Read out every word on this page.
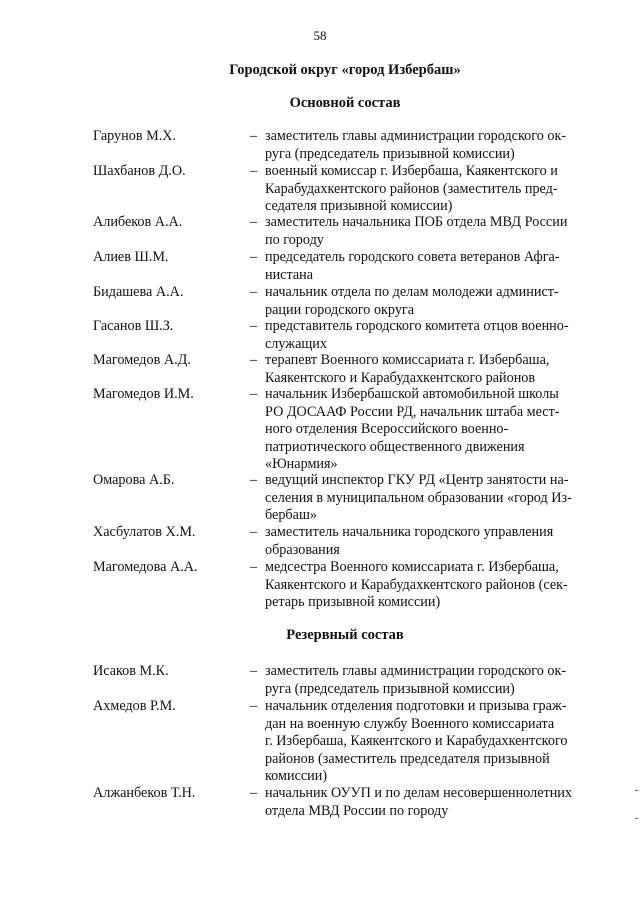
58
Городской округ «город Избербаш»
Основной состав
Гарунов М.Х.	– заместитель главы администрации городского ок-
руга (председатель призывной комиссии)
Шахбанов Д.О.	– военный комиссар г. Избербаша, Каякентского и
Карабудахкентского районов (заместитель пред-
седателя призывной комиссии)
Алибеков А.А.	– заместитель начальника ПОБ отдела МВД России
по городу
Алиев Ш.М.	– председатель городского совета ветеранов Афга-
нистана
Бидашева А.А.	– начальник отдела по делам молодежи админист-
рации городского округа
Гасанов Ш.З.	– представитель городского комитета отцов военно-
служащих
Магомедов А.Д.	– терапевт Военного комиссариата г. Избербаша,
Каякентского и Карабудахкентского районов
Магомедов И.М.	– начальник Избербашской автомобильной школы
РО ДОСААФ России РД, начальник штаба мест-
ного отделения Всероссийского военно-
патриотического общественного движения
«Юнармия»
Омарова А.Б.	– ведущий инспектор ГКУ РД «Центр занятости на-
селения в муниципальном образовании «город Из-
бербаш»
Хасбулатов Х.М.	– заместитель начальника городского управления
образования
Магомедова А.А.	– медсестра Военного комиссариата г. Избербаша,
Каякентского и Карабудахкентского районов (сек-
ретарь призывной комиссии)
Резервный состав
Исаков М.К.	– заместитель главы администрации городского ок-
руга (председатель призывной комиссии)
Ахмедов Р.М.	– начальник отделения подготовки и призыва граж-
дан на военную службу Военного комиссариата
г. Избербаша, Каякентского и Карабудахкентского
районов (заместитель председателя призывной
комиссии)
Алжанбеков Т.Н.	– начальник ОУУП и по делам несовершеннолетних
отдела МВД России по городу
